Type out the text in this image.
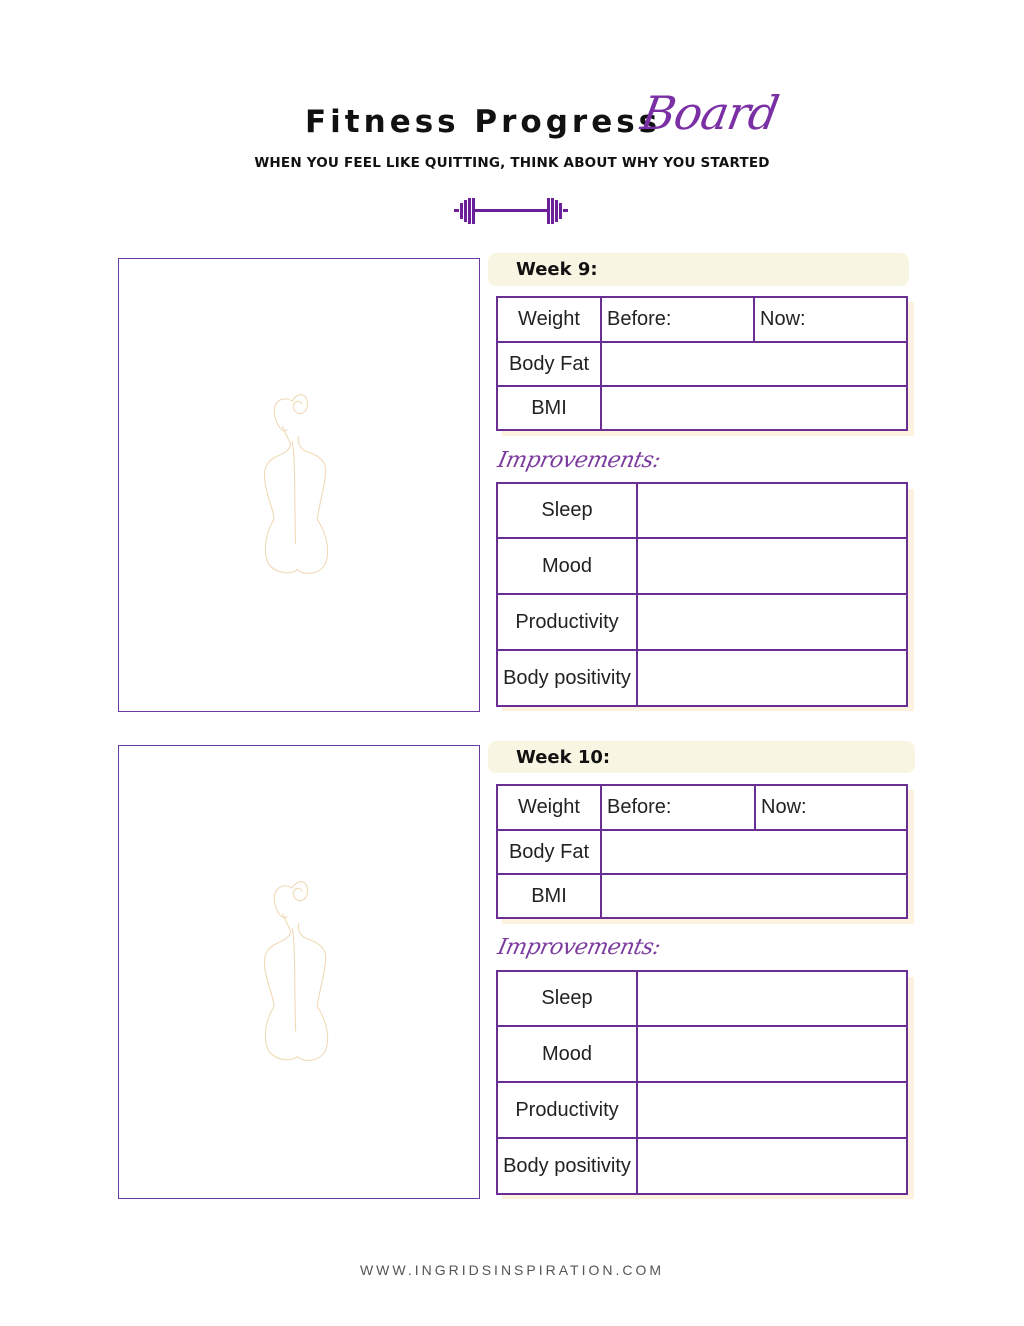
Fitness Progress
Board
WHEN YOU FEEL LIKE QUITTING, THINK ABOUT WHY YOU STARTED
Week 9:
Weight	Before:	Now:
Body Fat		
BMI		
Improvements:
Sleep	
Mood	
Productivity	
Body positivity	
Week 10:
Weight	Before:	Now:
Body Fat		
BMI		
Improvements:
Sleep	
Mood	
Productivity	
Body positivity	
WWW.INGRIDSINSPIRATION.COM
